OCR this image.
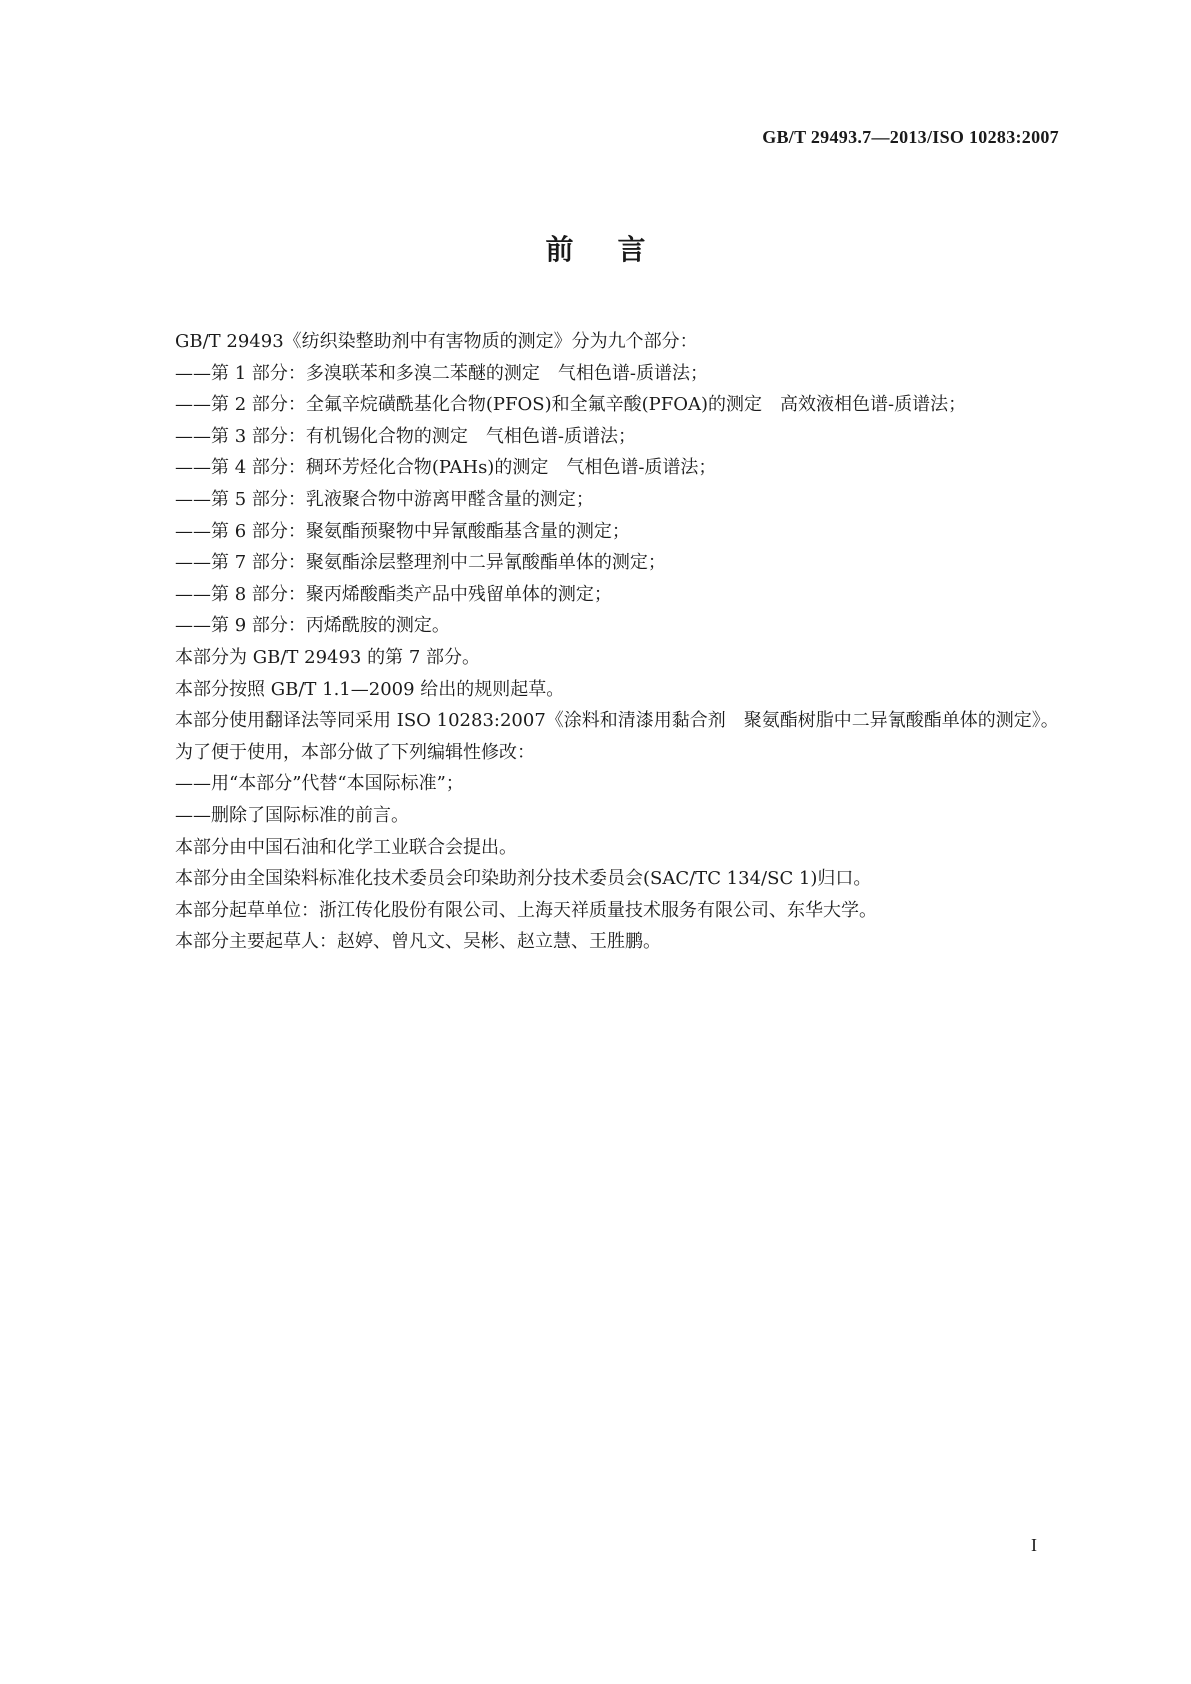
GB/T 29493.7—2013/ISO 10283:2007
前言

GB/T 29493《纺织染整助剂中有害物质的测定》分为九个部分：

——第 1 部分：多溴联苯和多溴二苯醚的测定　气相色谱-质谱法；

——第 2 部分：全氟辛烷磺酰基化合物(PFOS)和全氟辛酸(PFOA)的测定　高效液相色谱-质谱法；

——第 3 部分：有机锡化合物的测定　气相色谱-质谱法；

——第 4 部分：稠环芳烃化合物(PAHs)的测定　气相色谱-质谱法；

——第 5 部分：乳液聚合物中游离甲醛含量的测定；

——第 6 部分：聚氨酯预聚物中异氰酸酯基含量的测定；

——第 7 部分：聚氨酯涂层整理剂中二异氰酸酯单体的测定；

——第 8 部分：聚丙烯酸酯类产品中残留单体的测定；

——第 9 部分：丙烯酰胺的测定。

本部分为 GB/T 29493 的第 7 部分。

本部分按照 GB/T 1.1—2009 给出的规则起草。

本部分使用翻译法等同采用 ISO 10283:2007《涂料和清漆用黏合剂　聚氨酯树脂中二异氰酸酯单体的测定》。

为了便于使用，本部分做了下列编辑性修改：

——用“本部分”代替“本国际标准”；

——删除了国际标准的前言。

本部分由中国石油和化学工业联合会提出。

本部分由全国染料标准化技术委员会印染助剂分技术委员会(SAC/TC 134/SC 1)归口。

本部分起草单位：浙江传化股份有限公司、上海天祥质量技术服务有限公司、东华大学。

本部分主要起草人：赵婷、曾凡文、吴彬、赵立慧、王胜鹏。

I
